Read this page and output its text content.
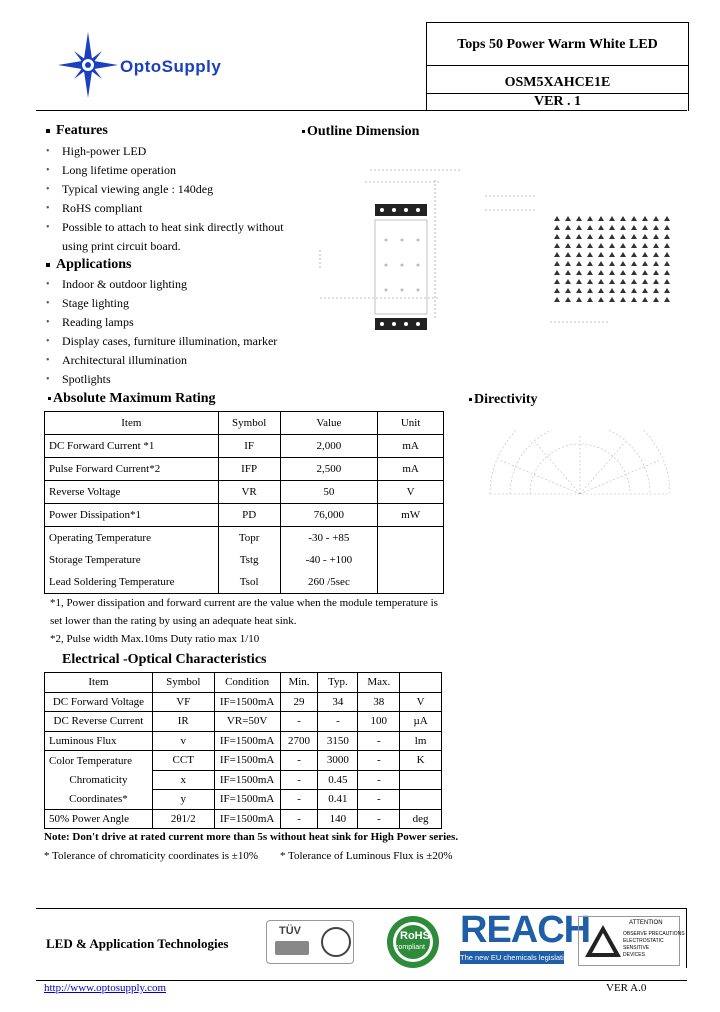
OptoSupply
Tops 50 Power Warm White LED
OSM5XAHCE1E
VER . 1
Features
• High-power LED
• Long lifetime operation
• Typical viewing angle : 140deg
• RoHS compliant
• Possible to attach to heat sink directly without
using print circuit board.
Applications
• Indoor & outdoor lighting
• Stage lighting
• Reading lamps
• Display cases, furniture illumination, marker
• Architectural illumination
• Spotlights
Outline Dimension
Directivity
Absolute Maximum Rating
Item	Symbol	Value	Unit
DC Forward Current *1	IF	2,000	mA
Pulse Forward Current*2	IFP	2,500	mA
Reverse Voltage	VR	50	V
Power Dissipation*1	PD	76,000	mW
Operating Temperature	Topr	-30 - +85	
Storage Temperature	Tstg	-40 - +100	
Lead Soldering Temperature	Tsol	260 /5sec	
*1, Power dissipation and forward current are the value when the module temperature is
set lower than the rating by using an adequate heat sink.
*2, Pulse width Max.10ms Duty ratio max 1/10
Electrical -Optical Characteristics
Item	Symbol	Condition	Min.	Typ.	Max.	
DC Forward Voltage	VF	IF=1500mA	29	34	38	V
DC Reverse Current	IR	VR=50V	-	-	100	µA
Luminous Flux	v	IF=1500mA	2700	3150	-	lm
Color Temperature	CCT	IF=1500mA	-	3000	-	K
Chromaticity	x	IF=1500mA	-	0.45	-	
Coordinates*	y	IF=1500mA	-	0.41	-	
50% Power Angle	2θ1/2	IF=1500mA	-	140	-	deg
Note: Don't drive at rated current more than 5s without heat sink for High Power series.
* Tolerance of chromaticity coordinates is ±10% * Tolerance of Luminous Flux is ±20%
LED & Application Technologies
TÜV	RoHS
compliant REACH
The new EU chemicals legislation
ATTENTION
OBSERVE PRECAUTIONS
ELECTROSTATIC
SENSITIVE
DEVICES
http://www.optosupply.com	VER A.0
